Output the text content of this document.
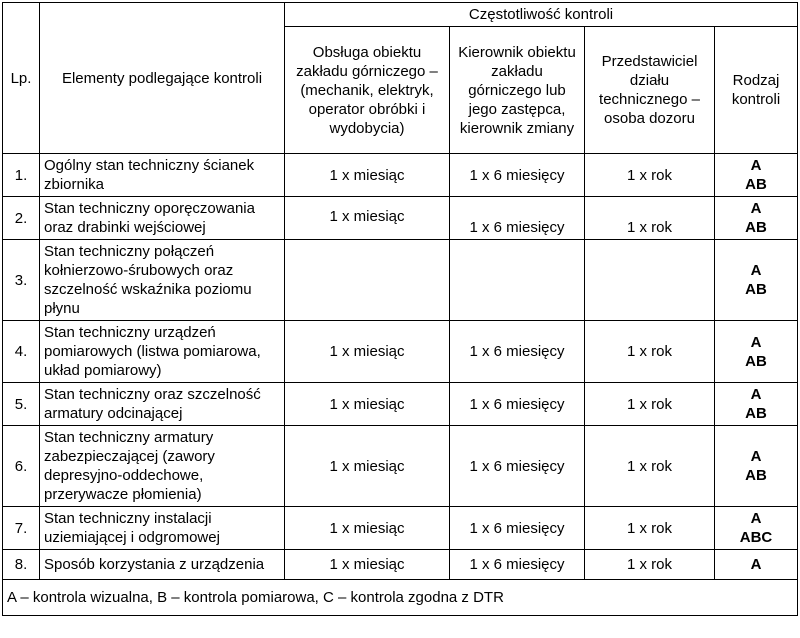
Lp.	Elementy podlegające kontroli	Częstotliwość kontroli			
		Obsługa obiektu zakładu górniczego – (mechanik, elektryk, operator obróbki i wydobycia)	Kierownik obiektu zakładu górniczego lub jego zastępca, kierownik zmiany	Przedstawiciel działu technicznego – osoba dozoru	Rodzaj kontroli
1.	Ogólny stan techniczny ścianek zbiornika	1 x miesiąc	1 x 6 miesięcy	1 x rok	A
AB

2.	Stan techniczny oporęczowania oraz drabinki wejściowej	1 x miesiąc	1 x 6 miesięcy	1 x rok	A
AB

3.	Stan techniczny połączeń kołnierzowo-śrubowych oraz szczelność wskaźnika poziomu płynu				A
AB

4.	Stan techniczny urządzeń pomiarowych (listwa pomiarowa, układ pomiarowy)	1 x miesiąc	1 x 6 miesięcy	1 x rok	A
AB

5.	Stan techniczny oraz szczelność armatury odcinającej	1 x miesiąc	1 x 6 miesięcy	1 x rok	A
AB

6.	Stan techniczny armatury zabezpieczającej (zawory depresyjno-oddechowe, przerywacze płomienia)	1 x miesiąc	1 x 6 miesięcy	1 x rok	A
AB

7.	Stan techniczny instalacji uziemiającej i odgromowej	1 x miesiąc	1 x 6 miesięcy	1 x rok	A
ABC

8.	Sposób korzystania z urządzenia	1 x miesiąc	1 x 6 miesięcy	1 x rok	A
A – kontrola wizualna, B – kontrola pomiarowa, C – kontrola zgodna z DTR					
